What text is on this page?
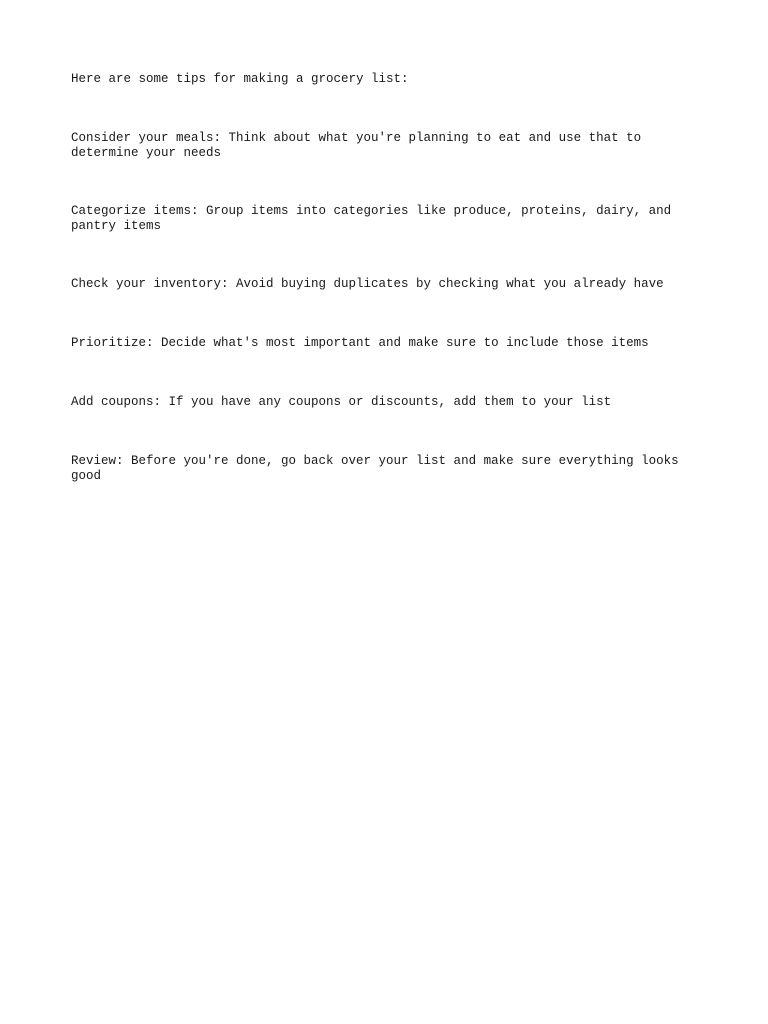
Here are some tips for making a grocery list:

Consider your meals: Think about what you're planning to eat and use that to determine your needs

Categorize items: Group items into categories like produce, proteins, dairy, and pantry items

Check your inventory: Avoid buying duplicates by checking what you already have

Prioritize: Decide what's most important and make sure to include those items

Add coupons: If you have any coupons or discounts, add them to your list

Review: Before you're done, go back over your list and make sure everything looks good
